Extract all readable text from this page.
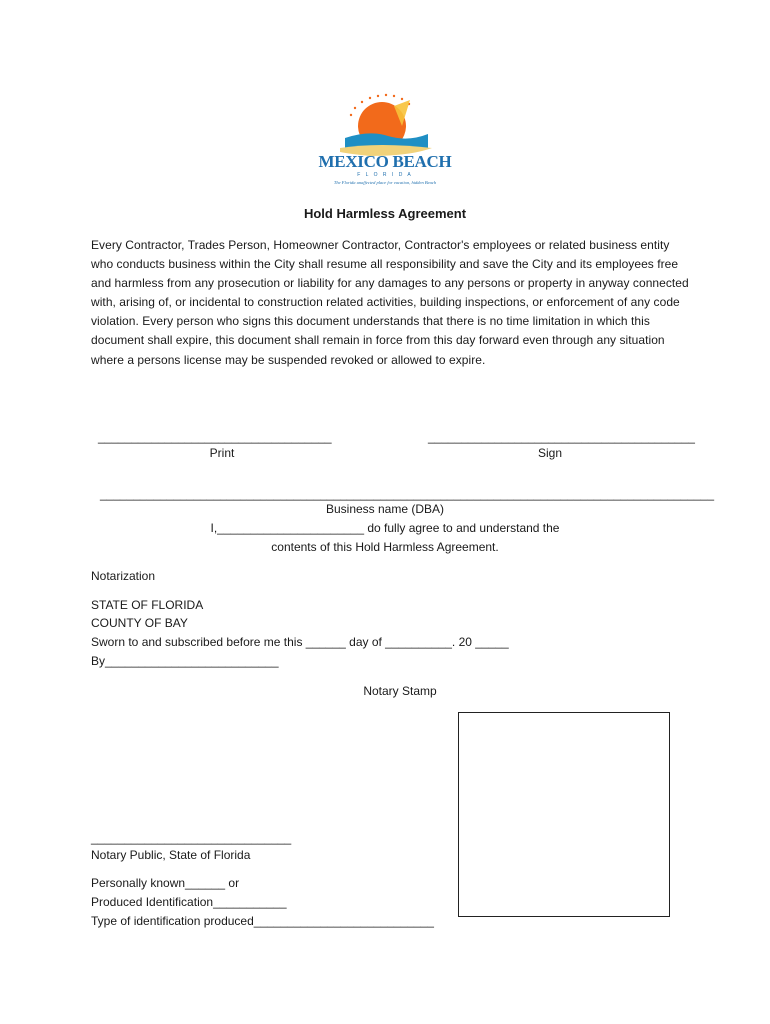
MEXICO BEACH
F L O R I D A
The Florida unaffected place for vacation, hidden Beach
Hold Harmless Agreement
Every Contractor, Trades Person, Homeowner Contractor, Contractor's employees or related business entity who conducts business within the City shall resume all responsibility and save the City and its employees free and harmless from any prosecution or liability for any damages to any persons or property in anyway connected with, arising of, or incidental to construction related activities, building inspections, or enforcement of any code violation. Every person who signs this document understands that there is no time limitation in which this document shall expire, this document shall remain in force from this day forward even through any situation where a persons license may be suspended revoked or allowed to expire.
___________________________________
Print
________________________________________
Sign
____________________________________________________________________________________________
Business name (DBA)
I,______________________ do fully agree to and understand the
contents of this Hold Harmless Agreement.
Notarization
STATE OF FLORIDA
COUNTY OF BAY
Sworn to and subscribed before me this ______ day of __________. 20 _____
By__________________________
Notary Stamp
______________________________
Notary Public, State of Florida
Personally known______ or
Produced Identification___________
Type of identification produced___________________________
